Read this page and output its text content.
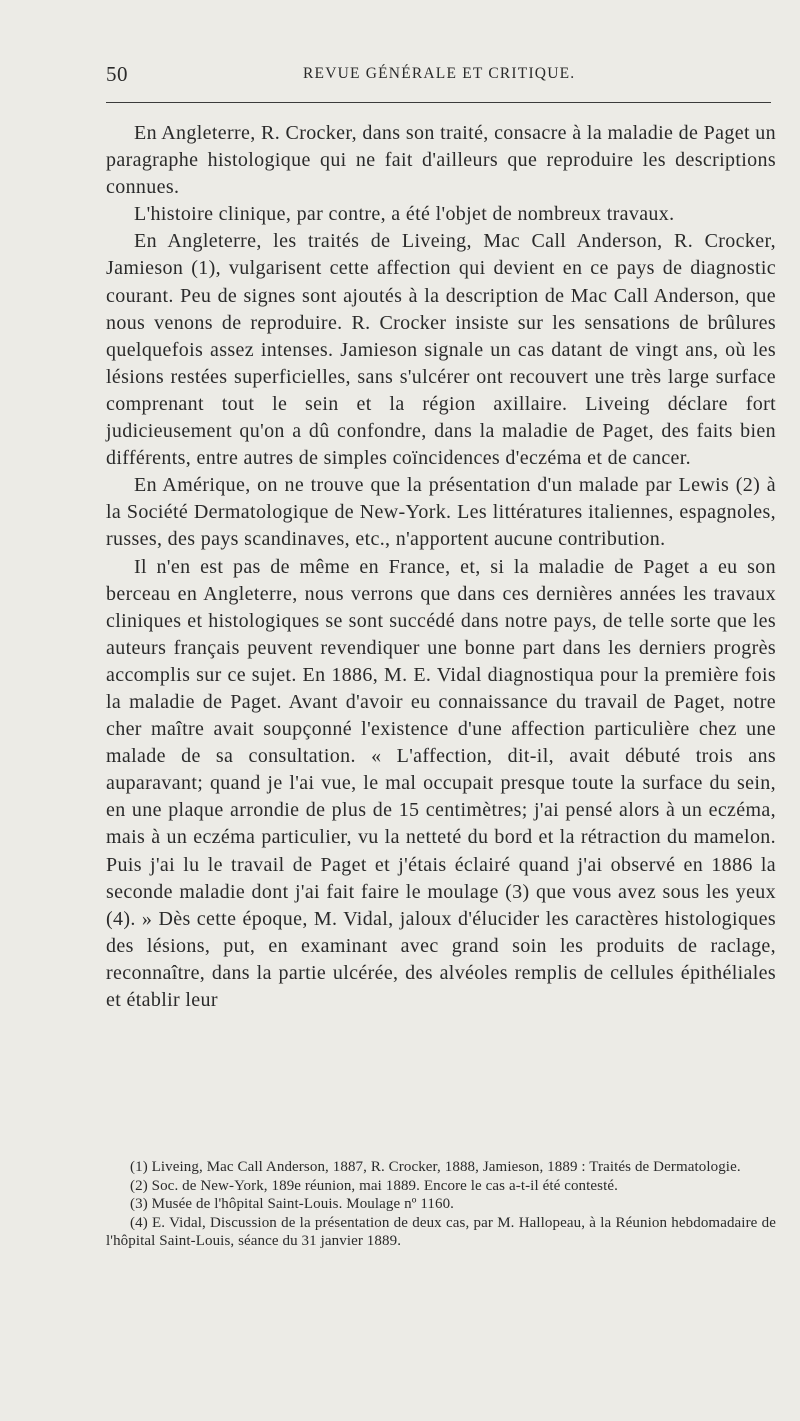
50	REVUE GÉNÉRALE ET CRITIQUE.

En Angleterre, R. Crocker, dans son traité, consacre à la maladie de Paget un paragraphe histologique qui ne fait d'ailleurs que reproduire les descriptions connues.

L'histoire clinique, par contre, a été l'objet de nombreux travaux.

En Angleterre, les traités de Liveing, Mac Call Anderson, R. Crocker, Jamieson (1), vulgarisent cette affection qui devient en ce pays de diagnostic courant. Peu de signes sont ajoutés à la description de Mac Call Anderson, que nous venons de reproduire. R. Crocker insiste sur les sensations de brûlures quelquefois assez intenses. Jamieson signale un cas datant de vingt ans, où les lésions restées superficielles, sans s'ulcérer ont recouvert une très large surface comprenant tout le sein et la région axillaire. Liveing déclare fort judicieusement qu'on a dû confondre, dans la maladie de Paget, des faits bien différents, entre autres de simples coïncidences d'eczéma et de cancer.

En Amérique, on ne trouve que la présentation d'un malade par Lewis (2) à la Société Dermatologique de New-York. Les littératures italiennes, espagnoles, russes, des pays scandinaves, etc., n'apportent aucune contribution.

Il n'en est pas de même en France, et, si la maladie de Paget a eu son berceau en Angleterre, nous verrons que dans ces dernières années les travaux cliniques et histologiques se sont succédé dans notre pays, de telle sorte que les auteurs français peuvent revendiquer une bonne part dans les derniers progrès accomplis sur ce sujet. En 1886, M. E. Vidal diagnostiqua pour la première fois la maladie de Paget. Avant d'avoir eu connaissance du travail de Paget, notre cher maître avait soupçonné l'existence d'une affection particulière chez une malade de sa consultation. « L'affection, dit-il, avait débuté trois ans auparavant; quand je l'ai vue, le mal occupait presque toute la surface du sein, en une plaque arrondie de plus de 15 centimètres; j'ai pensé alors à un eczéma, mais à un eczéma particulier, vu la netteté du bord et la rétraction du mamelon. Puis j'ai lu le travail de Paget et j'étais éclairé quand j'ai observé en 1886 la seconde maladie dont j'ai fait faire le moulage (3) que vous avez sous les yeux (4). » Dès cette époque, M. Vidal, jaloux d'élucider les caractères histologiques des lésions, put, en examinant avec grand soin les produits de raclage, reconnaître, dans la partie ulcérée, des alvéoles remplis de cellules épithéliales et établir leur

(1) Liveing, Mac Call Anderson, 1887, R. Crocker, 1888, Jamieson, 1889 : Traités de Dermatologie.

(2) Soc. de New-York, 189e réunion, mai 1889. Encore le cas a-t-il été contesté.

(3) Musée de l'hôpital Saint-Louis. Moulage nº 1160.

(4) E. Vidal, Discussion de la présentation de deux cas, par M. Hallopeau, à la Réunion hebdomadaire de l'hôpital Saint-Louis, séance du 31 janvier 1889.
